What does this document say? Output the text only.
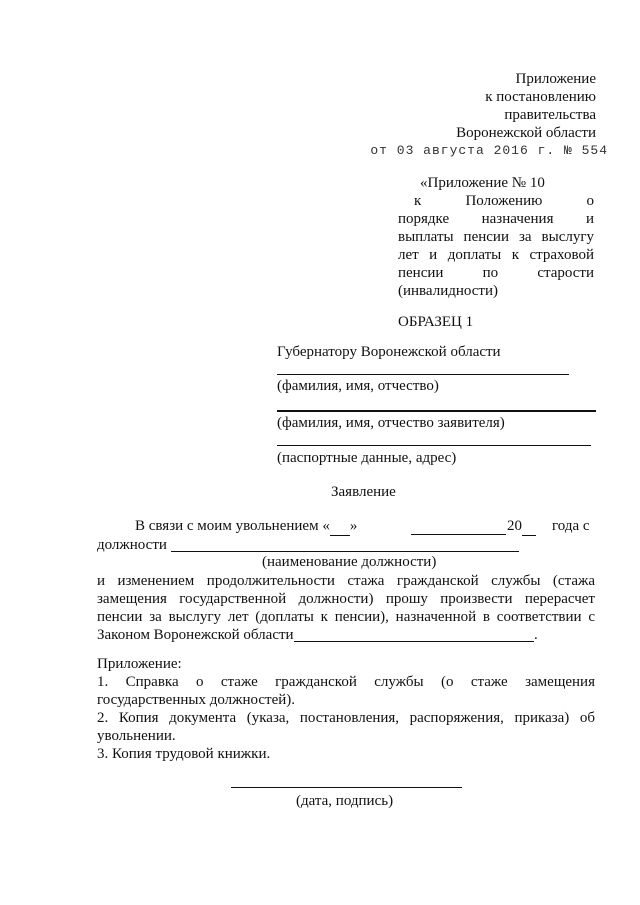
Приложение
к постановлению
правительства
Воронежской области
от 03 августа 2016 г. № 554
«Приложение № 10
к	Положению	о
порядке назначения и
выплаты пенсии за выслугу
лет и доплаты к страховой
пенсии	по	старости
(инвалидности)
ОБРАЗЕЦ 1
Губернатору Воронежской области
(фамилия, имя, отчество)
(фамилия, имя, отчество заявителя)
(паспортные данные, адрес)
Заявление
В связи с моим увольнением « »	20	года с
должности
(наименование должности)
и изменением продолжительности стажа гражданской службы (стажа замещения государственной должности) прошу произвести перерасчет пенсии за выслугу лет (доплаты к пенсии), назначенной в соответствии с
Законом Воронежской области	.
Приложение:
1. Справка о стаже гражданской службы (о стаже замещения государственных должностей).
2. Копия документа (указа, постановления, распоряжения, приказа) об увольнении.
3. Копия трудовой книжки.
(дата, подпись)
